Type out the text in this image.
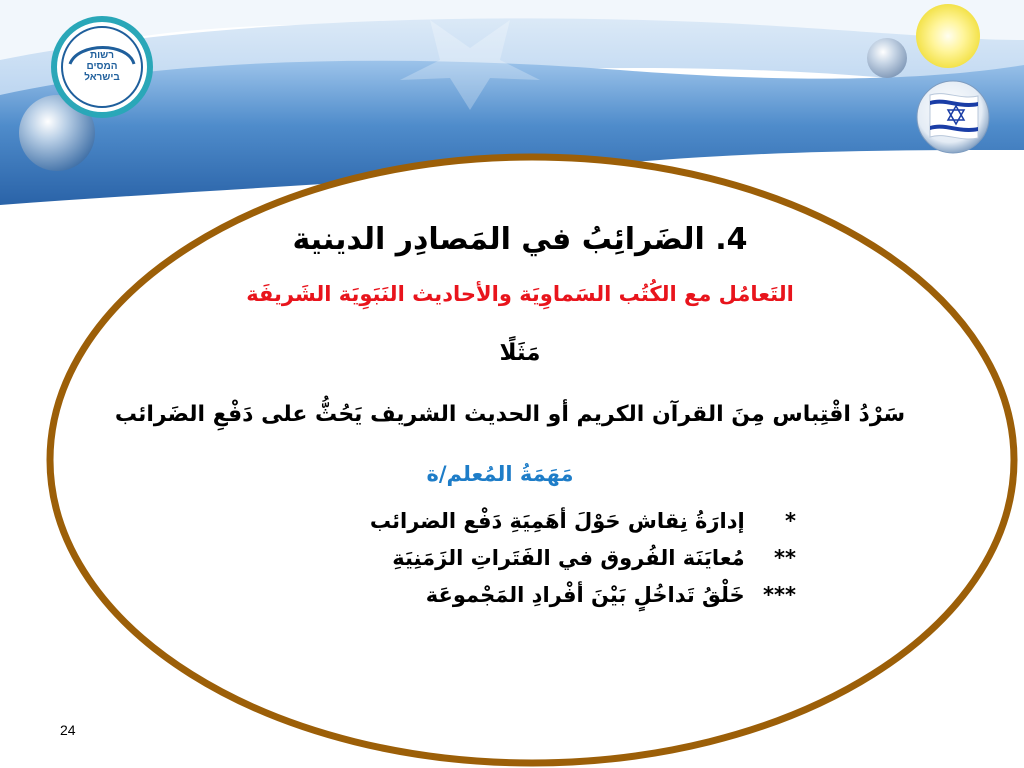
רשות
המסים
בישראל
4. الضَرائِبُ في المَصادِر الدينية
التَعامُل مع الكُتُب السَماوِيَة والأحاديث النَبَوِيَة الشَريفَة
مَثَلًا
سَرْدُ اقْتِباس مِنَ القرآن الكريم أو الحديث الشريف يَحُثُّ على دَفْعِ الضَرائب
مَهَمَةُ المُعلم/ة
* إدارَةُ نِقاش حَوْلَ أهَمِيَةِ دَفْع الضرائب
** مُعايَنَة الفُروق في الفَتَراتِ الزَمَنِيَةِ
*** خَلْقُ تَداخُلٍ بَيْنَ أفْرادِ المَجْموعَة
24
